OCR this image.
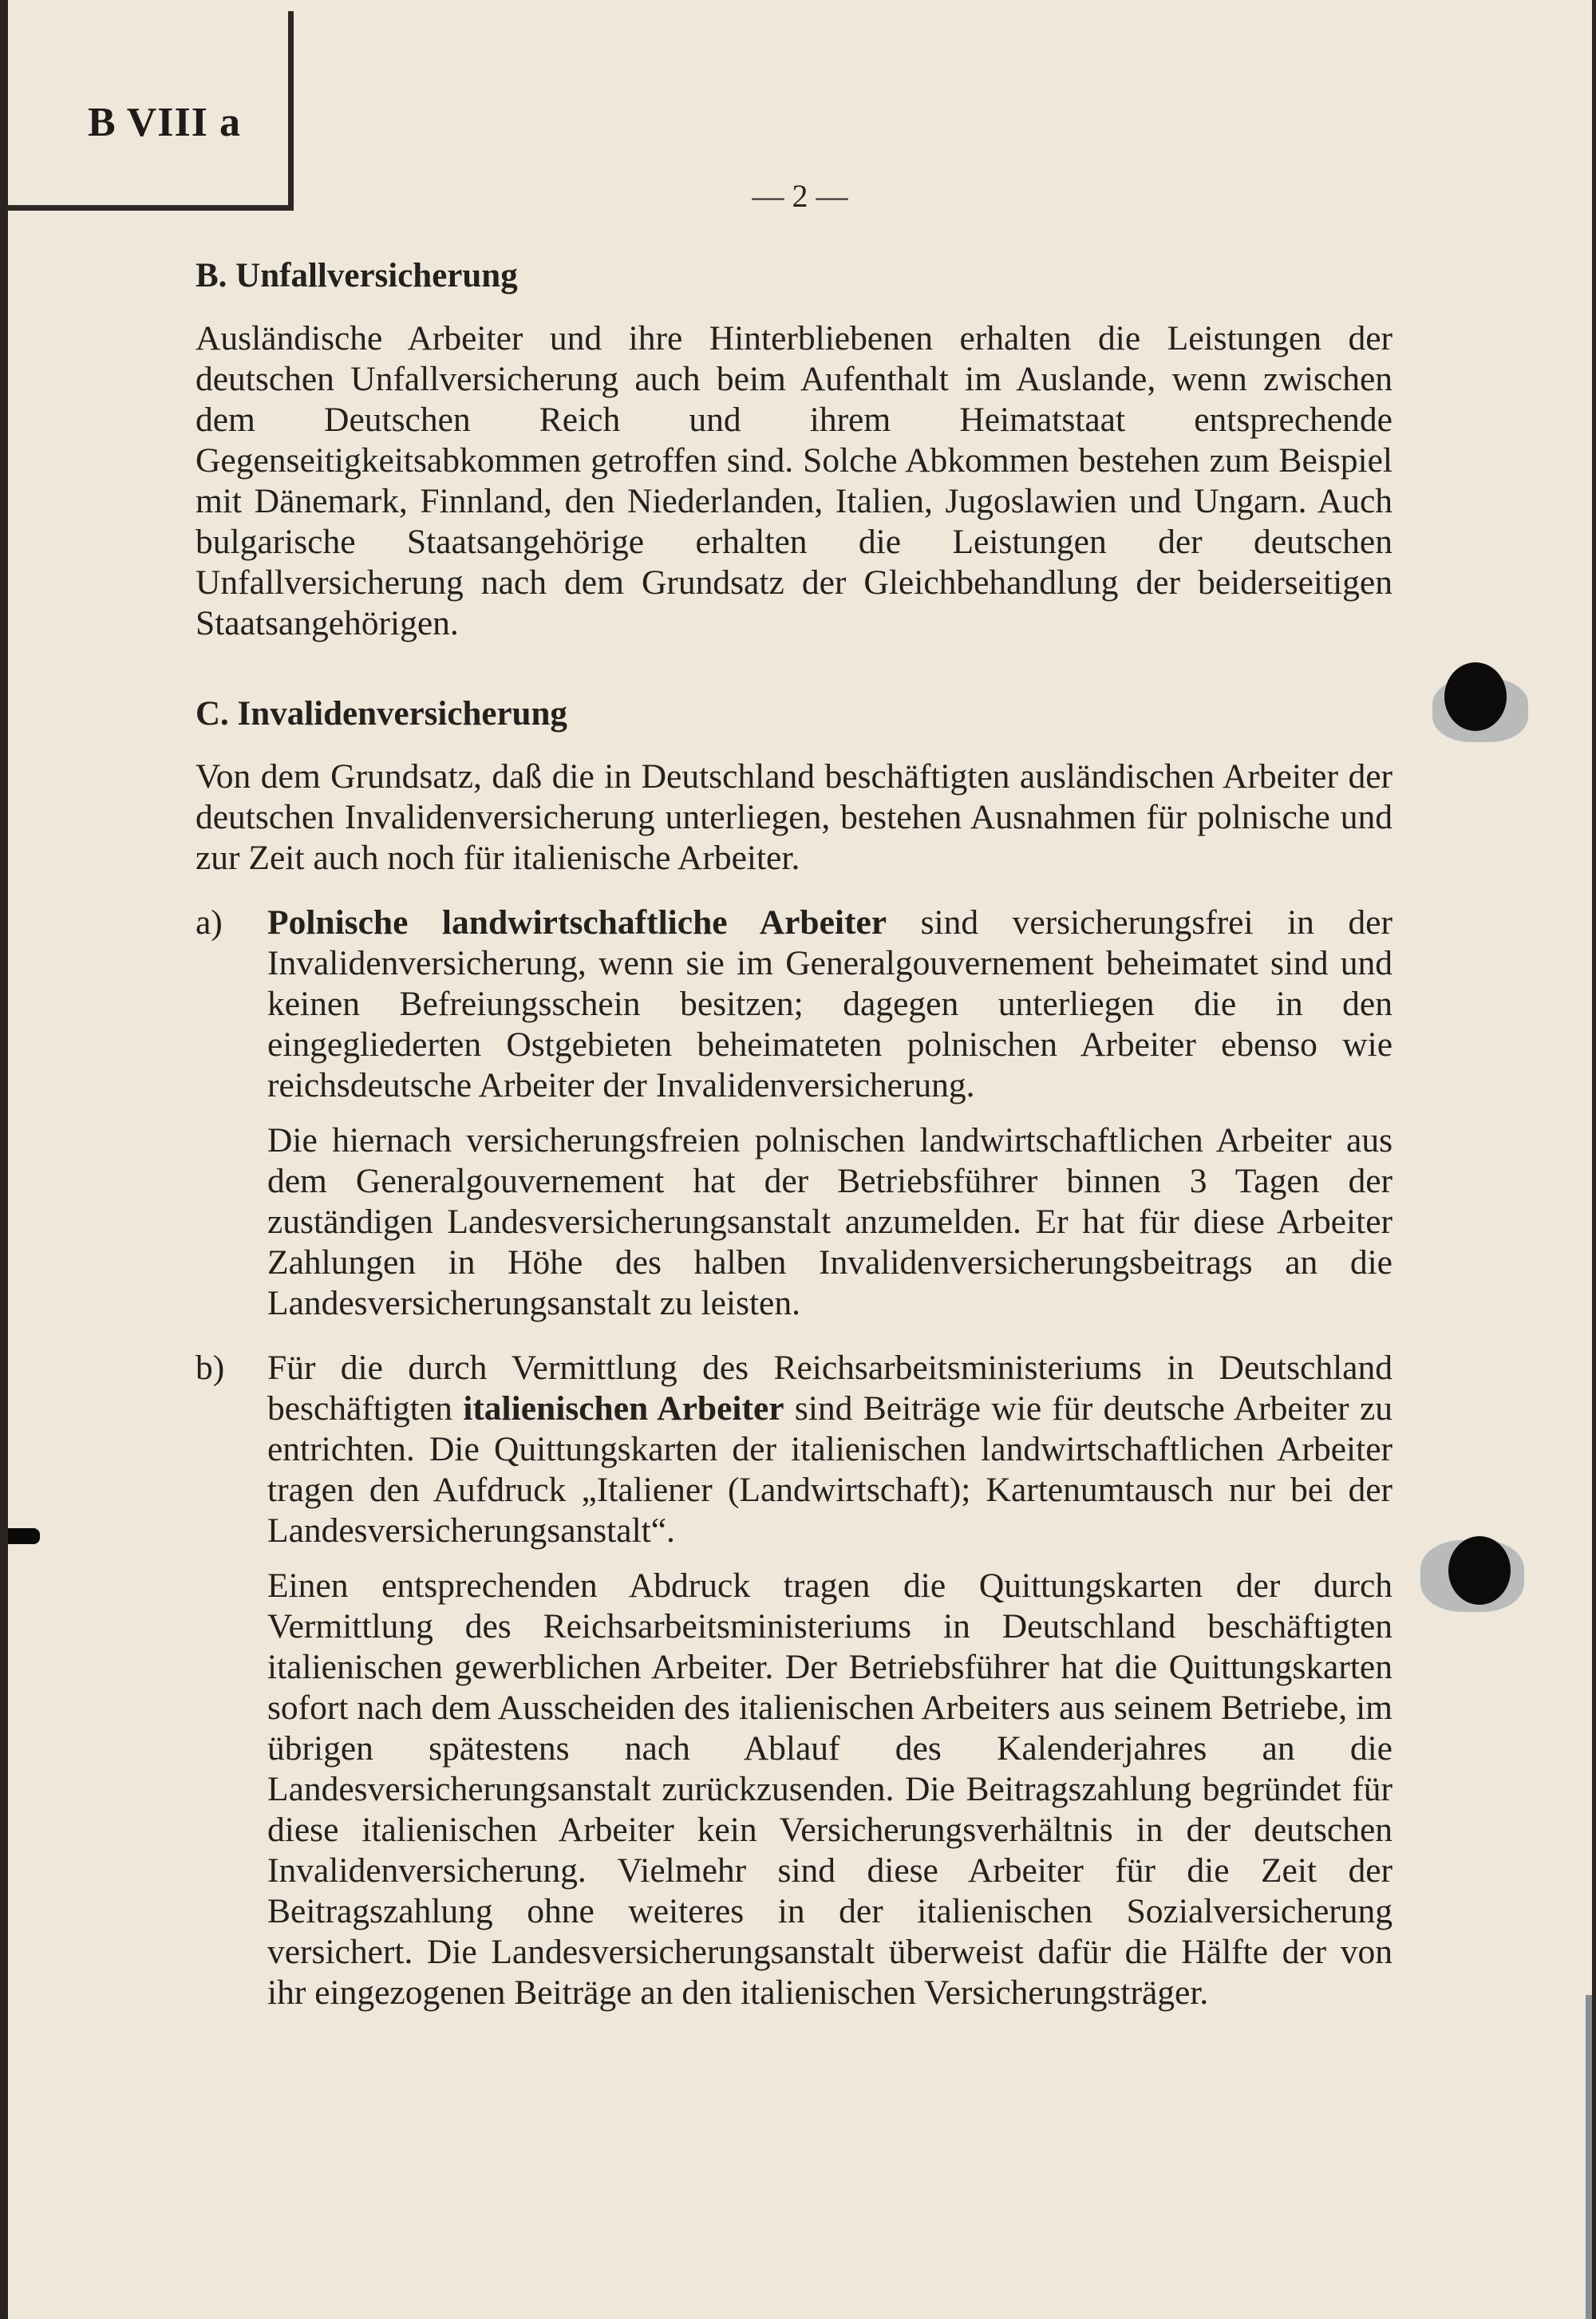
B VIII a
— 2 —
B. Unfallversicherung

Ausländische Arbeiter und ihre Hinterbliebenen erhalten die Leistungen der deutschen Unfallversicherung auch beim Aufenthalt im Auslande, wenn zwischen dem Deutschen Reich und ihrem Heimatstaat entsprechende Gegenseitigkeitsabkommen getroffen sind. Solche Abkommen bestehen zum Beispiel mit Dänemark, Finnland, den Niederlanden, Italien, Jugoslawien und Ungarn. Auch bulgarische Staatsangehörige erhalten die Leistungen der deutschen Unfallversicherung nach dem Grundsatz der Gleichbehandlung der beiderseitigen Staatsangehörigen.

C. Invalidenversicherung

Von dem Grundsatz, daß die in Deutschland beschäftigten ausländischen Arbeiter der deutschen Invalidenversicherung unterliegen, bestehen Ausnahmen für polnische und zur Zeit auch noch für italienische Arbeiter.

a)	Polnische landwirtschaftliche Arbeiter sind versicherungsfrei in der Invalidenversicherung, wenn sie im Generalgouvernement beheimatet sind und keinen Befreiungsschein besitzen; dagegen unterliegen die in den eingegliederten Ostgebieten beheimateten polnischen Arbeiter ebenso wie reichsdeutsche Arbeiter der Invalidenversicherung.

Die hiernach versicherungsfreien polnischen landwirtschaftlichen Arbeiter aus dem Generalgouvernement hat der Betriebsführer binnen 3 Tagen der zuständigen Landesversicherungsanstalt anzumelden. Er hat für diese Arbeiter Zahlungen in Höhe des halben Invalidenversicherungsbeitrags an die Landesversicherungsanstalt zu leisten.

b)	Für die durch Vermittlung des Reichsarbeitsministeriums in Deutschland beschäftigten italienischen Arbeiter sind Beiträge wie für deutsche Arbeiter zu entrichten. Die Quittungskarten der italienischen landwirtschaftlichen Arbeiter tragen den Aufdruck „Italiener (Landwirtschaft); Kartenumtausch nur bei der Landesversicherungsanstalt“.

Einen entsprechenden Abdruck tragen die Quittungskarten der durch Vermittlung des Reichsarbeitsministeriums in Deutschland beschäftigten italienischen gewerblichen Arbeiter. Der Betriebsführer hat die Quittungskarten sofort nach dem Ausscheiden des italienischen Arbeiters aus seinem Betriebe, im übrigen spätestens nach Ablauf des Kalenderjahres an die Landesversicherungsanstalt zurückzusenden. Die Beitragszahlung begründet für diese italienischen Arbeiter kein Versicherungsverhältnis in der deutschen Invalidenversicherung. Vielmehr sind diese Arbeiter für die Zeit der Beitragszahlung ohne weiteres in der italienischen Sozialversicherung versichert. Die Landesversicherungsanstalt überweist dafür die Hälfte der von ihr eingezogenen Beiträge an den italienischen Versicherungsträger.
